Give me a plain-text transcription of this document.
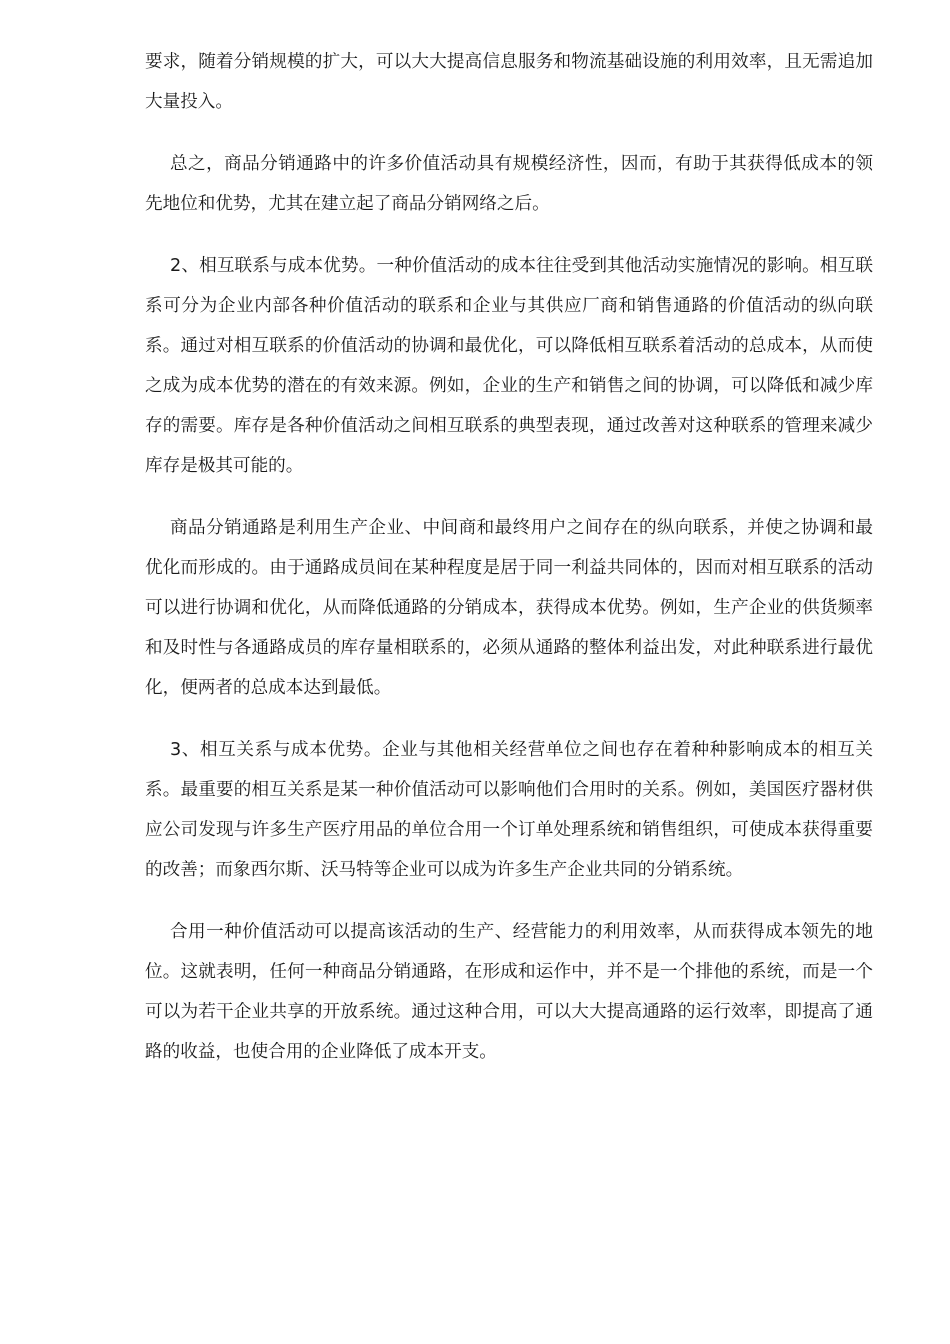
要求，随着分销规模的扩大，可以大大提高信息服务和物流基础设施的利用效率，且无需追加大量投入。

总之，商品分销通路中的许多价值活动具有规模经济性，因而，有助于其获得低成本的领先地位和优势，尤其在建立起了商品分销网络之后。

2、相互联系与成本优势。一种价值活动的成本往往受到其他活动实施情况的影响。相互联系可分为企业内部各种价值活动的联系和企业与其供应厂商和销售通路的价值活动的纵向联系。通过对相互联系的价值活动的协调和最优化，可以降低相互联系着活动的总成本，从而使之成为成本优势的潜在的有效来源。例如，企业的生产和销售之间的协调，可以降低和减少库存的需要。库存是各种价值活动之间相互联系的典型表现，通过改善对这种联系的管理来减少库存是极其可能的。

商品分销通路是利用生产企业、中间商和最终用户之间存在的纵向联系，并使之协调和最优化而形成的。由于通路成员间在某种程度是居于同一利益共同体的，因而对相互联系的活动可以进行协调和优化，从而降低通路的分销成本，获得成本优势。例如，生产企业的供货频率和及时性与各通路成员的库存量相联系的，必须从通路的整体利益出发，对此种联系进行最优化，便两者的总成本达到最低。

3、相互关系与成本优势。企业与其他相关经营单位之间也存在着种种影响成本的相互关系。最重要的相互关系是某一种价值活动可以影响他们合用时的关系。例如，美国医疗器材供应公司发现与许多生产医疗用品的单位合用一个订单处理系统和销售组织，可使成本获得重要的改善；而象西尔斯、沃马特等企业可以成为许多生产企业共同的分销系统。

合用一种价值活动可以提高该活动的生产、经营能力的利用效率，从而获得成本领先的地位。这就表明，任何一种商品分销通路，在形成和运作中，并不是一个排他的系统，而是一个可以为若干企业共享的开放系统。通过这种合用，可以大大提高通路的运行效率，即提高了通路的收益，也使合用的企业降低了成本开支。
